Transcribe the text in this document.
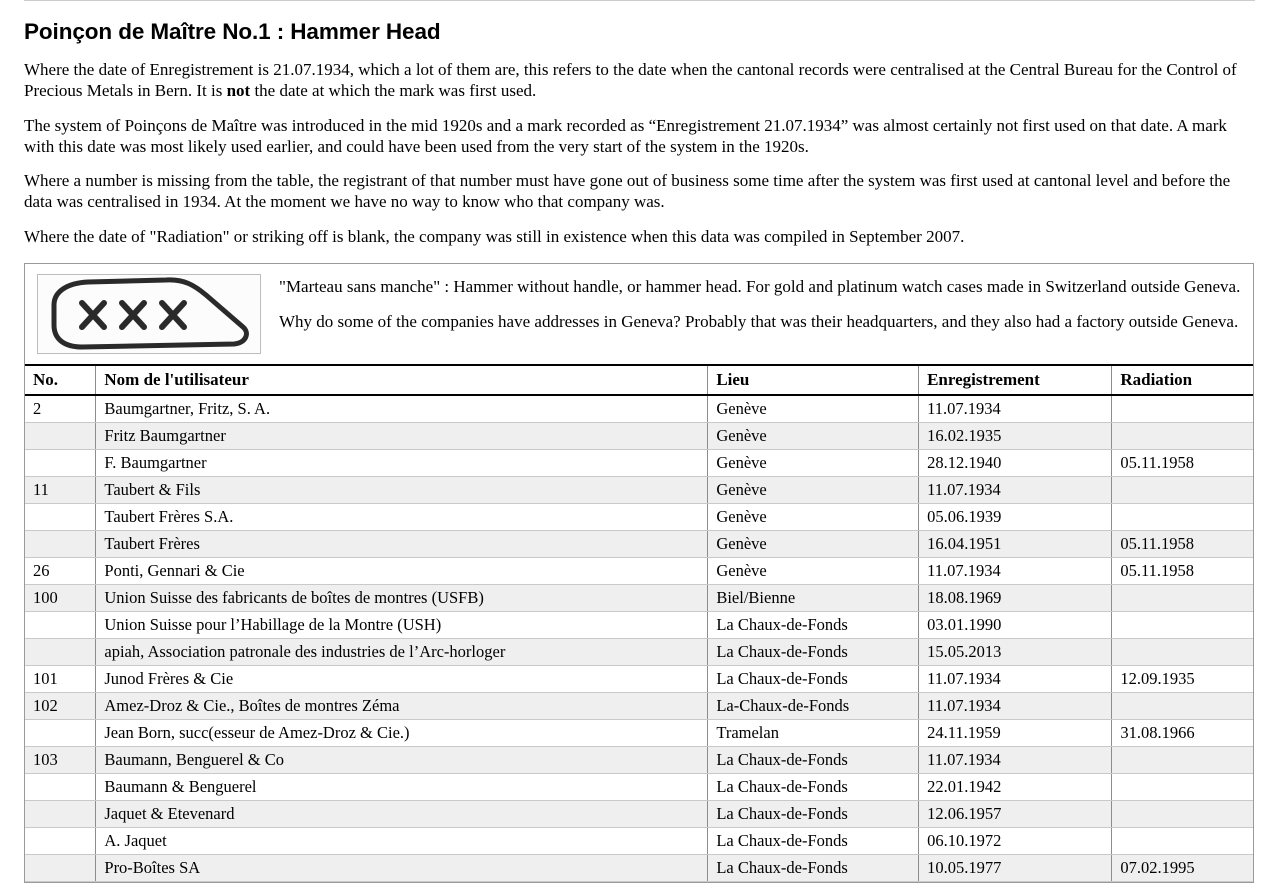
Poinçon de Maître No.1 : Hammer Head

Where the date of Enregistrement is 21.07.1934, which a lot of them are, this refers to the date when the cantonal records were centralised at the Central Bureau for the Control of Precious Metals in Bern. It is not the date at which the mark was first used.

The system of Poinçons de Maître was introduced in the mid 1920s and a mark recorded as “Enregistrement 21.07.1934” was almost certainly not first used on that date. A mark with this date was most likely used earlier, and could have been used from the very start of the system in the 1920s.

Where a number is missing from the table, the registrant of that number must have gone out of business some time after the system was first used at cantonal level and before the data was centralised in 1934. At the moment we have no way to know who that company was.

Where the date of "Radiation" or striking off is blank, the company was still in existence when this data was compiled in September 2007.

"Marteau sans manche" : Hammer without handle, or hammer head. For gold and platinum watch cases made in Switzerland outside Geneva.

Why do some of the companies have addresses in Geneva? Probably that was their headquarters, and they also had a factory outside Geneva.

No.	Nom de l'utilisateur	Lieu	Enregistrement	Radiation
2	Baumgartner, Fritz, S. A.	Genève	11.07.1934	
	Fritz Baumgartner	Genève	16.02.1935	
	F. Baumgartner	Genève	28.12.1940	05.11.1958
11	Taubert & Fils	Genève	11.07.1934	
	Taubert Frères S.A.	Genève	05.06.1939	
	Taubert Frères	Genève	16.04.1951	05.11.1958
26	Ponti, Gennari & Cie	Genève	11.07.1934	05.11.1958
100	Union Suisse des fabricants de boîtes de montres (USFB)	Biel/Bienne	18.08.1969	
	Union Suisse pour l’Habillage de la Montre (USH)	La Chaux-de-Fonds	03.01.1990	
	apiah, Association patronale des industries de l’Arc-horloger	La Chaux-de-Fonds	15.05.2013	
101	Junod Frères & Cie	La Chaux-de-Fonds	11.07.1934	12.09.1935
102	Amez-Droz & Cie., Boîtes de montres Zéma	La-Chaux-de-Fonds	11.07.1934	
	Jean Born, succ(esseur de Amez-Droz & Cie.)	Tramelan	24.11.1959	31.08.1966
103	Baumann, Benguerel & Co	La Chaux-de-Fonds	11.07.1934	
	Baumann & Benguerel	La Chaux-de-Fonds	22.01.1942	
	Jaquet & Etevenard	La Chaux-de-Fonds	12.06.1957	
	A. Jaquet	La Chaux-de-Fonds	06.10.1972	
	Pro-Boîtes SA	La Chaux-de-Fonds	10.05.1977	07.02.1995
